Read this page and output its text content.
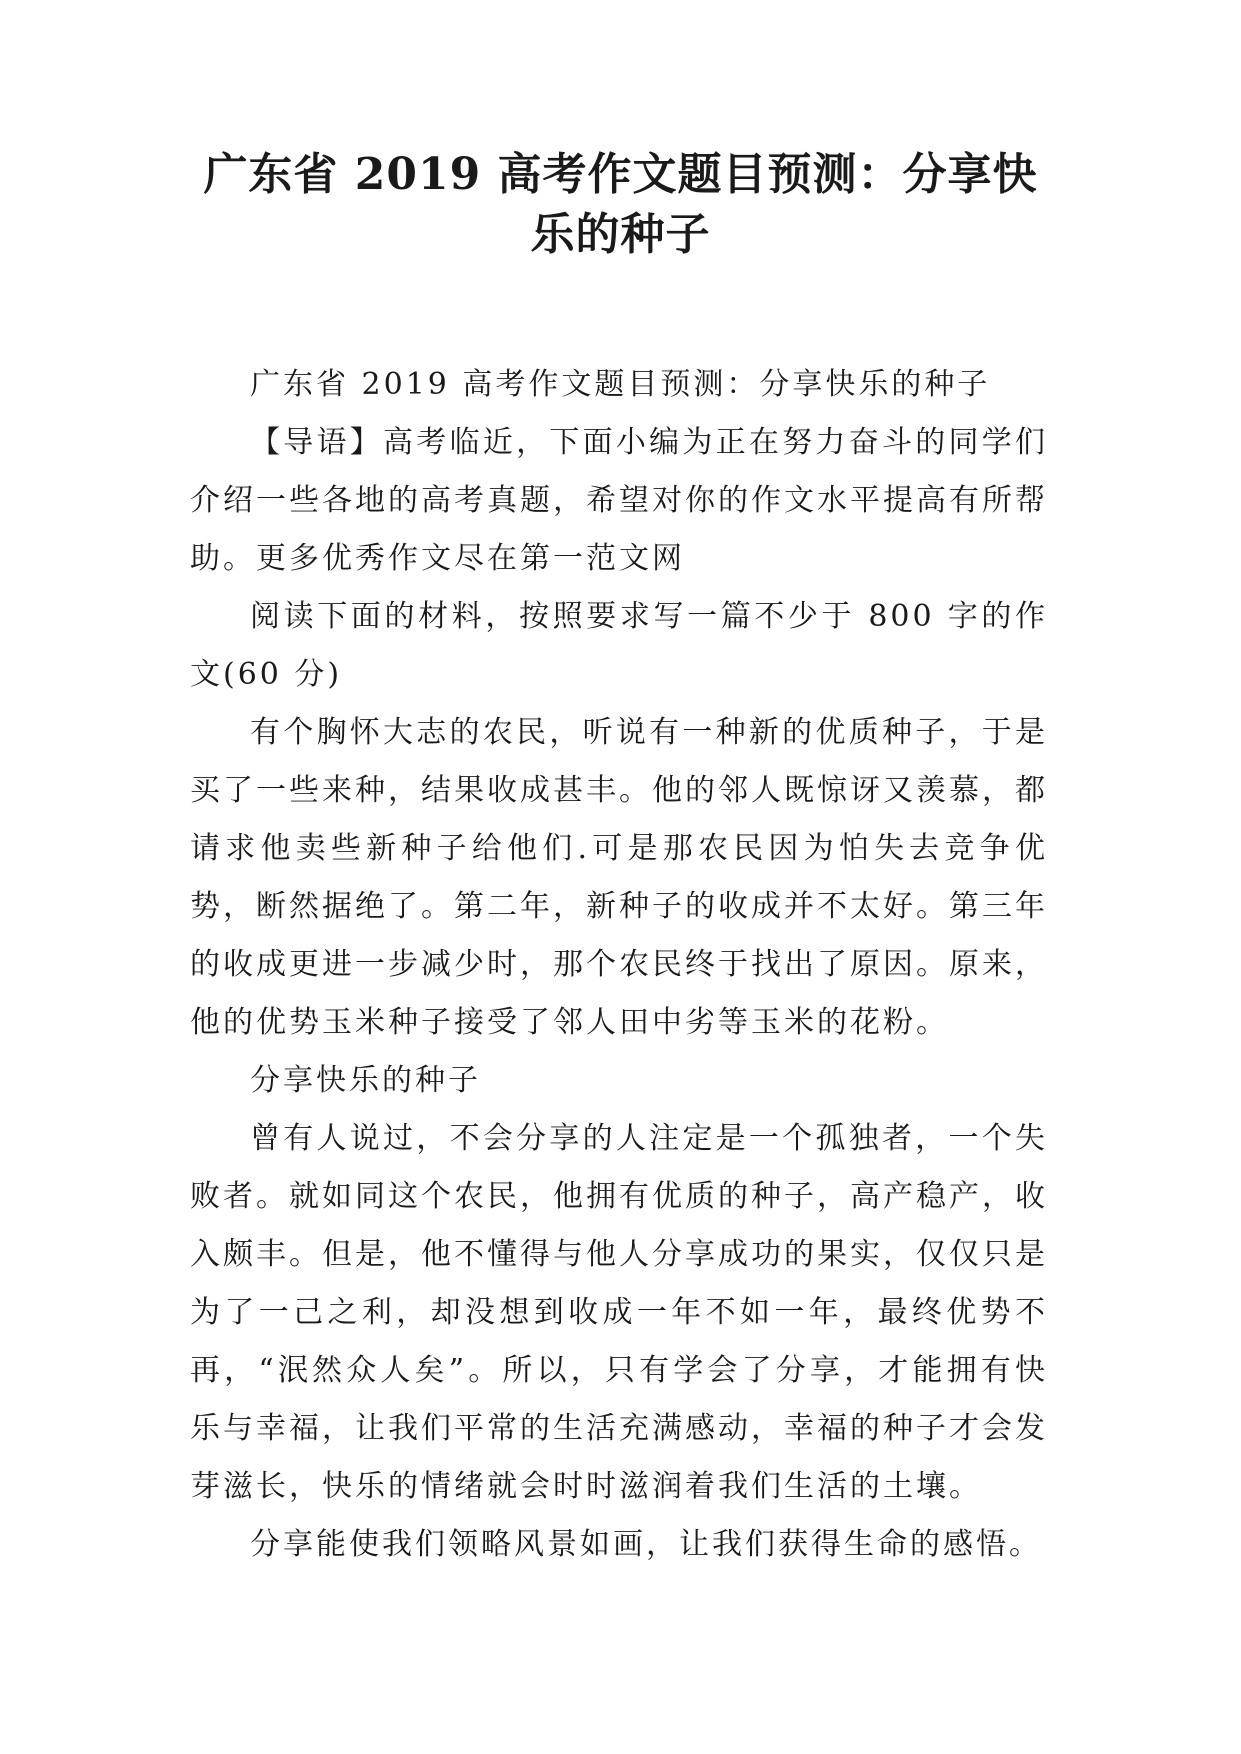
广东省 2019 高考作文题目预测：分享快乐的种子

广东省 2019 高考作文题目预测：分享快乐的种子

【导语】高考临近，下面小编为正在努力奋斗的同学们介绍一些各地的高考真题，希望对你的作文水平提高有所帮助。更多优秀作文尽在第一范文网

阅读下面的材料，按照要求写一篇不少于 800 字的作文(60 分)

有个胸怀大志的农民，听说有一种新的优质种子，于是买了一些来种，结果收成甚丰。他的邻人既惊讶又羡慕，都请求他卖些新种子给他们.可是那农民因为怕失去竞争优势，断然据绝了。第二年，新种子的收成并不太好。第三年的收成更进一步减少时，那个农民终于找出了原因。原来，他的优势玉米种子接受了邻人田中劣等玉米的花粉。

分享快乐的种子

曾有人说过，不会分享的人注定是一个孤独者，一个失败者。就如同这个农民，他拥有优质的种子，高产稳产，收入颇丰。但是，他不懂得与他人分享成功的果实，仅仅只是为了一己之利，却没想到收成一年不如一年，最终优势不再，“泯然众人矣”。所以，只有学会了分享，才能拥有快乐与幸福，让我们平常的生活充满感动，幸福的种子才会发芽滋长，快乐的情绪就会时时滋润着我们生活的土壤。

分享能使我们领略风景如画，让我们获得生命的感悟。
